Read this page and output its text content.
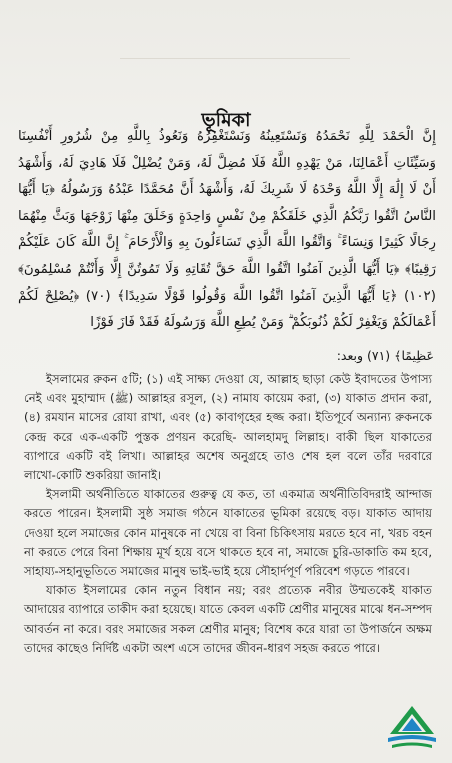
ভূমিকা
إِنَّ الْحَمْدَ لِلَّهِ نَحْمَدُهُ وَنَسْتَعِينُهُ وَنَسْتَغْفِرُهُ وَنَعُوذُ بِاللَّهِ مِنْ شُرُورِ أَنْفُسِنَا وَسَيِّئَاتِ أَعْمَالِنَا، مَنْ يَهْدِهِ اللَّهُ فَلَا مُضِلَّ لَهُ، وَمَنْ يُضْلِلْ فَلَا هَادِيَ لَهُ، وَأَشْهَدُ أَنْ لَا إِلَٰهَ إِلَّا اللَّهُ وَحْدَهُ لَا شَرِيكَ لَهُ، وَأَشْهَدُ أَنَّ مُحَمَّدًا عَبْدُهُ وَرَسُولُهُ ﴿يَا أَيُّهَا النَّاسُ اتَّقُوا رَبَّكُمُ الَّذِي خَلَقَكُمْ مِنْ نَفْسٍ وَاحِدَةٍ وَخَلَقَ مِنْهَا زَوْجَهَا وَبَثَّ مِنْهُمَا رِجَالًا كَثِيرًا وَنِسَاءً ۚ وَاتَّقُوا اللَّهَ الَّذِي تَسَاءَلُونَ بِهِ وَالْأَرْحَامَ ۚ إِنَّ اللَّهَ كَانَ عَلَيْكُمْ رَقِيبًا﴾ ﴿يَا أَيُّهَا الَّذِينَ آمَنُوا اتَّقُوا اللَّهَ حَقَّ تُقَاتِهِ وَلَا تَمُوتُنَّ إِلَّا وَأَنْتُمْ مُسْلِمُونَ﴾ (١٠٢) ﴿يَا أَيُّهَا الَّذِينَ آمَنُوا اتَّقُوا اللَّهَ وَقُولُوا قَوْلًا سَدِيدًا﴾ (٧٠) ﴿يُصْلِحْ لَكُمْ أَعْمَالَكُمْ وَيَغْفِرْ لَكُمْ ذُنُوبَكُمْ ۗ وَمَنْ يُطِعِ اللَّهَ وَرَسُولَهُ فَقَدْ فَازَ فَوْزًا
عَظِيمًا﴾ (٧١) وبعد:

ইসলামের রুকন ৫টি; (১) এই সাক্ষ্য দেওয়া যে, আল্লাহ ছাড়া কেউ ইবাদতের উপাস্য নেই এবং মুহাম্মাদ (ﷺ) আল্লাহর রসূল, (২) নামায কায়েম করা, (৩) যাকাত প্রদান করা, (৪) রমযান মাসের রোযা রাখা, এবং (৫) কাবাগৃহের হজ্জ করা। ইতিপূর্বে অন্যান্য রুকনকে কেন্দ্র করে এক-একটি পুস্তক প্রণয়ন করেছি- আলহামদু লিল্লাহ। বাকী ছিল যাকাতের ব্যাপারে একটি বই লিখা। আল্লাহর অশেষ অনুগ্রহে তাও শেষ হল বলে তাঁর দরবারে লাখো-কোটি শুকরিয়া জানাই।

ইসলামী অর্থনীতিতে যাকাতের গুরুত্ব যে কত, তা একমাত্র অর্থনীতিবিদরাই আন্দাজ করতে পারেন। ইসলামী সুষ্ঠ সমাজ গঠনে যাকাতের ভূমিকা রয়েছে বড়। যাকাত আদায় দেওয়া হলে সমাজের কোন মানুষকে না খেয়ে বা বিনা চিকিৎসায় মরতে হবে না, খরচ বহন না করতে পেরে বিনা শিক্ষায় মূর্খ হয়ে বসে থাকতে হবে না, সমাজে চুরি-ডাকাতি কম হবে, সাহায্য-সহানুভূতিতে সমাজের মানুষ ভাই-ভাই হয়ে সৌহার্দপূর্ণ পরিবেশ গড়তে পারবে।

যাকাত ইসলামের কোন নতুন বিধান নয়; বরং প্রত্যেক নবীর উম্মতকেই যাকাত আদায়ের ব্যাপারে তাকীদ করা হয়েছে। যাতে কেবল একটি শ্রেণীর মানুষের মাঝে ধন-সম্পদ আবর্তন না করে। বরং সমাজের সকল শ্রেণীর মানুষ; বিশেষ করে যারা তা উপার্জনে অক্ষম তাদের কাছেও নির্দিষ্ট একটা অংশ এসে তাদের জীবন-ধারণ সহজ করতে পারে।
